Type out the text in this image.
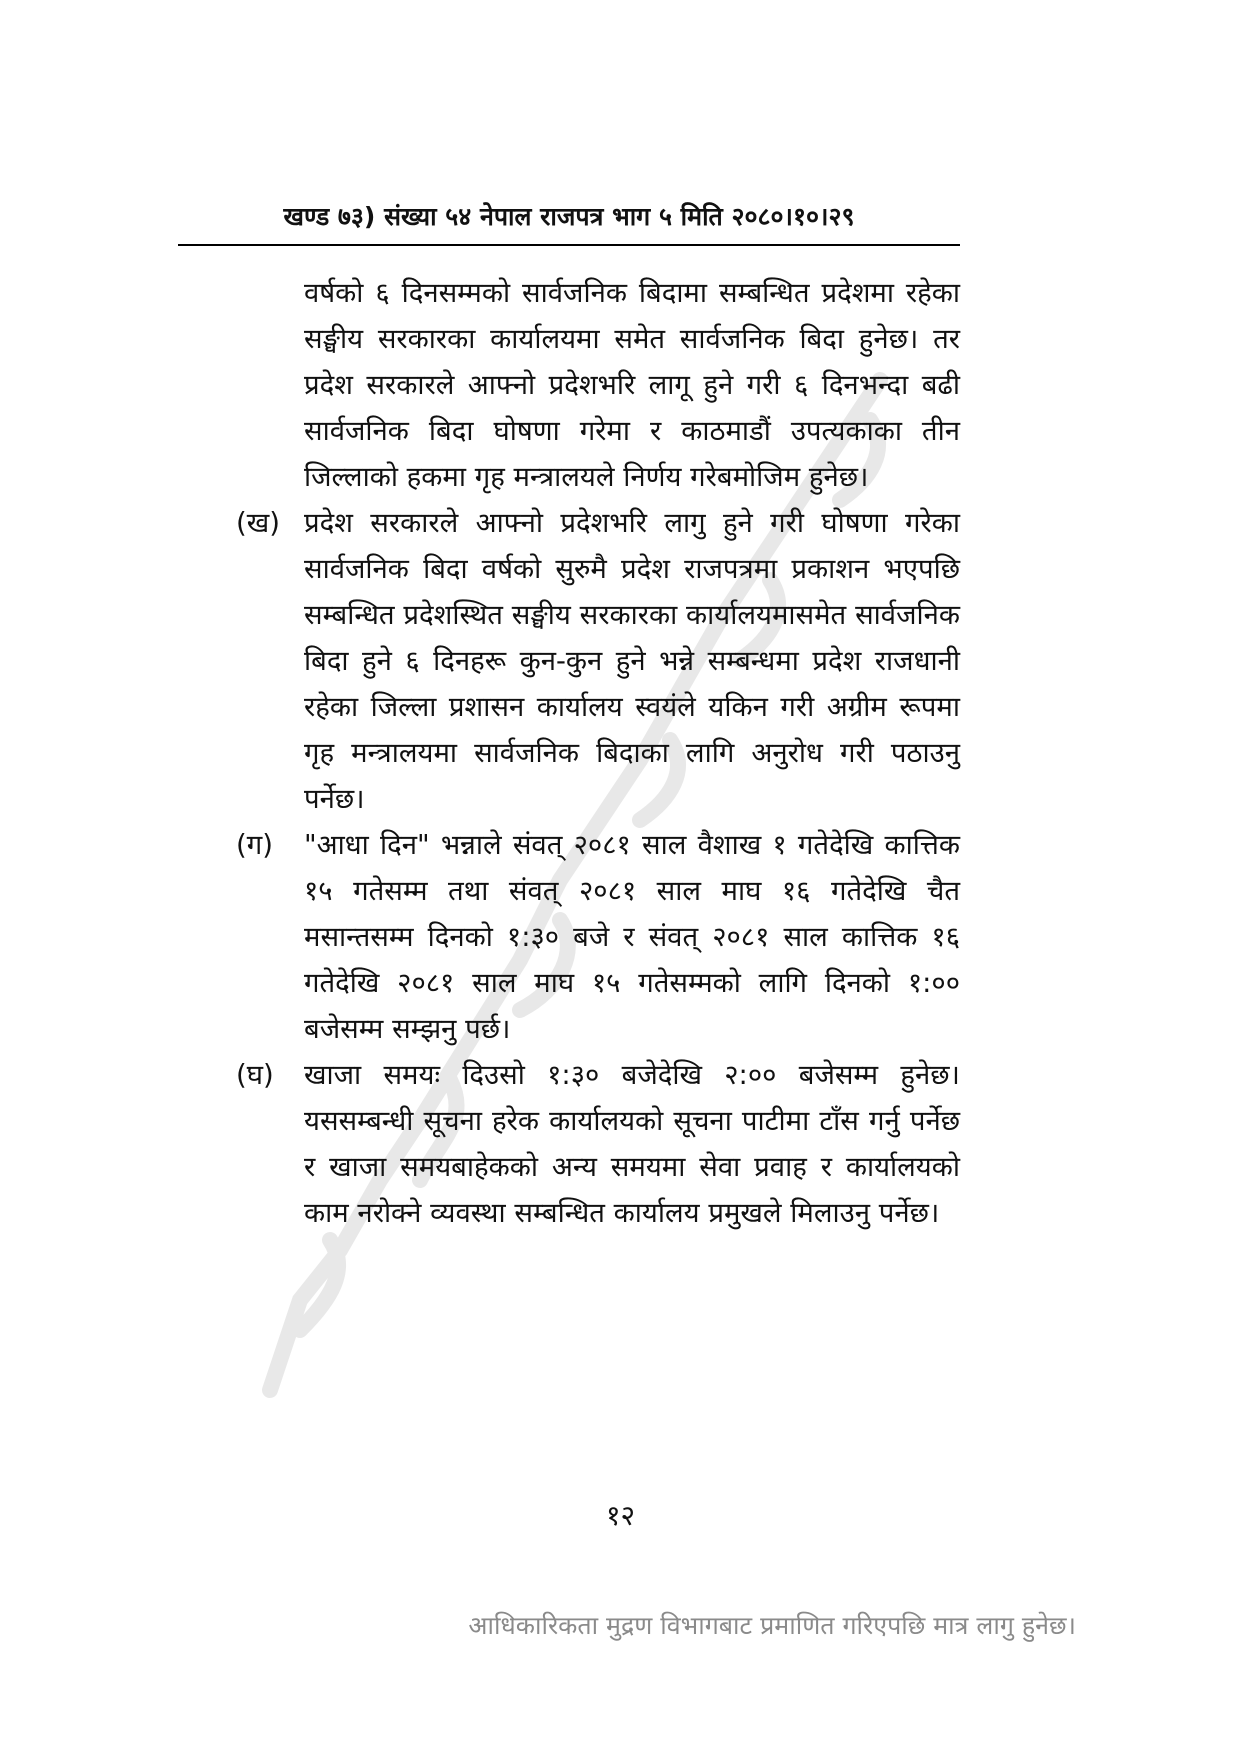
खण्ड ७३) संख्या ५४ नेपाल राजपत्र भाग ५ मिति २०८०।१०।२९

वर्षको ६ दिनसम्मको सार्वजनिक बिदामा सम्बन्धित प्रदेशमा रहेका सङ्घीय सरकारका कार्यालयमा समेत सार्वजनिक बिदा हुनेछ। तर प्रदेश सरकारले आफ्नो प्रदेशभरि लागू हुने गरी ६ दिनभन्दा बढी सार्वजनिक बिदा घोषणा गरेमा र काठमाडौं उपत्यकाका तीन जिल्लाको हकमा गृह मन्त्रालयले निर्णय गरेबमोजिम हुनेछ।

(ख) प्रदेश सरकारले आफ्नो प्रदेशभरि लागु हुने गरी घोषणा गरेका सार्वजनिक बिदा वर्षको सुरुमै प्रदेश राजपत्रमा प्रकाशन भएपछि सम्बन्धित प्रदेशस्थित सङ्घीय सरकारका कार्यालयमासमेत सार्वजनिक बिदा हुने ६ दिनहरू कुन-कुन हुने भन्ने सम्बन्धमा प्रदेश राजधानी रहेका जिल्ला प्रशासन कार्यालय स्वयंले यकिन गरी अग्रीम रूपमा गृह मन्त्रालयमा सार्वजनिक बिदाका लागि अनुरोध गरी पठाउनु पर्नेछ।
(ग)	"आधा दिन" भन्नाले संवत् २०८१ साल वैशाख १ गतेदेखि कात्तिक १५ गतेसम्म तथा संवत् २०८१ साल माघ १६ गतेदेखि चैत मसान्तसम्म दिनको १:३० बजे र संवत् २०८१ साल कात्तिक १६ गतेदेखि २०८१ साल माघ १५ गतेसम्मको लागि दिनको १:०० बजेसम्म सम्झनु पर्छ।
(घ)	खाजा समयः दिउसो १:३० बजेदेखि २:०० बजेसम्म हुनेछ। यससम्बन्धी सूचना हरेक कार्यालयको सूचना पाटीमा टाँस गर्नु पर्नेछ र खाजा समयबाहेकको अन्य समयमा सेवा प्रवाह र कार्यालयको काम नरोक्ने व्यवस्था सम्बन्धित कार्यालय प्रमुखले मिलाउनु पर्नेछ।
१२
आधिकारिकता मुद्रण विभागबाट प्रमाणित गरिएपछि मात्र लागु हुनेछ।
